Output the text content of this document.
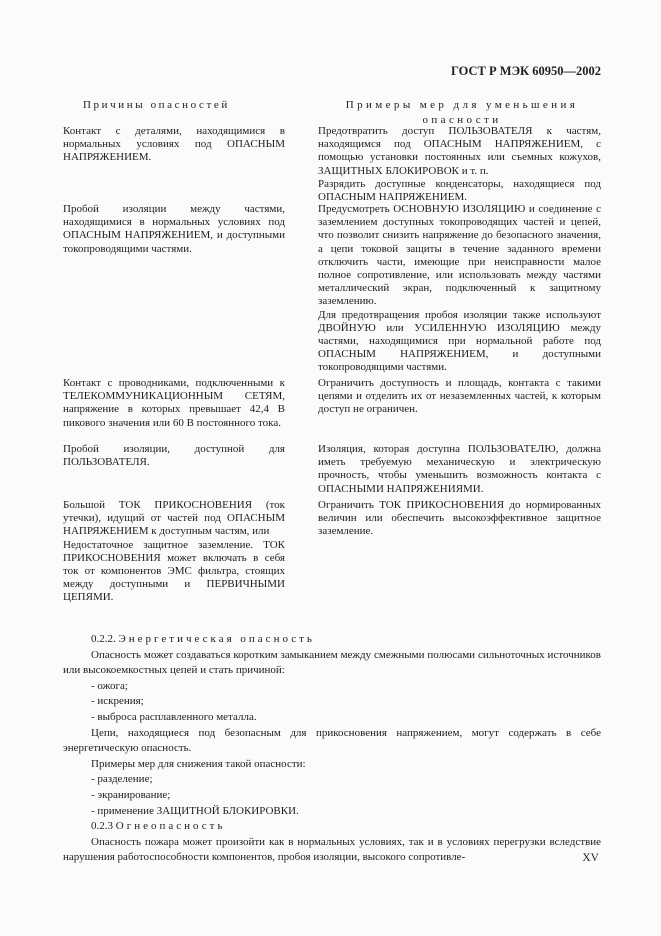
ГОСТ Р МЭК 60950—2002
Причины опасностей	Примеры мер для уменьшения опасности

Контакт с деталями, находящимися в нормальных условиях под ОПАСНЫМ НАПРЯЖЕНИЕМ.

Предотвратить доступ ПОЛЬЗОВАТЕЛЯ к частям, находящимся под ОПАСНЫМ НАПРЯЖЕНИЕМ, с помощью установки постоянных или съемных кожухов, ЗАЩИТНЫХ БЛОКИРОВОК и т. п.

Разрядить доступные конденсаторы, находящиеся под ОПАСНЫМ НАПРЯЖЕНИЕМ.

Пробой изоляции между частями, находящимися в нормальных условиях под ОПАСНЫМ НАПРЯЖЕНИЕМ, и доступными токопроводящими частями.

Предусмотреть ОСНОВНУЮ ИЗОЛЯЦИЮ и соединение с заземлением доступных токопроводящих частей и цепей, что позволит снизить напряжение до безопасного значения, а цепи токовой защиты в течение заданного времени отключить части, имеющие при неисправности малое полное сопротивление, или использовать между частями металлический экран, подключенный к защитному заземлению.

Для предотвращения пробоя изоляции также используют ДВОЙНУЮ или УСИЛЕННУЮ ИЗОЛЯЦИЮ между частями, находящимися при нормальной работе под ОПАСНЫМ НАПРЯЖЕНИЕМ, и доступными токопроводящими частями.

Контакт с проводниками, подключенными к ТЕЛЕКОММУНИКАЦИОННЫМ СЕТЯМ, напряжение в которых превышает 42,4 В пикового значения или 60 В постоянного тока.

Ограничить доступность и площадь, контакта с такими цепями и отделить их от незаземленных частей, к которым доступ не ограничен.

Пробой изоляции, доступной для ПОЛЬЗОВАТЕЛЯ.

Изоляция, которая доступна ПОЛЬЗОВАТЕЛЮ, должна иметь требуемую механическую и электрическую прочность, чтобы уменьшить возможность контакта с ОПАСНЫМИ НАПРЯЖЕНИЯМИ.

Большой ТОК ПРИКОСНОВЕНИЯ (ток утечки), идущий от частей под ОПАСНЫМ НАПРЯЖЕНИЕМ к доступным частям, или

Недостаточное защитное заземление. ТОК ПРИКОСНОВЕНИЯ может включать в себя ток от компонентов ЭМС фильтра, стоящих между доступными и ПЕРВИЧНЫМИ ЦЕПЯМИ.

Ограничить ТОК ПРИКОСНОВЕНИЯ до нормированных величин или обеспечить высокоэффективное защитное заземление.

0.2.2. Энергетическая опасность

Опасность может создаваться коротким замыканием между смежными полюсами сильноточных источников или высокоемкостных цепей и стать причиной:

- ожога;

- искрения;

- выброса расплавленного металла.

Цепи, находящиеся под безопасным для прикосновения напряжением, могут содержать в себе энергетическую опасность.

Примеры мер для снижения такой опасности:

- разделение;

- экранирование;

- применение ЗАЩИТНОЙ БЛОКИРОВКИ.

0.2.3 Огнеопасность

Опасность пожара может произойти как в нормальных условиях, так и в условиях перегрузки вследствие нарушения работоспособности компонентов, пробоя изоляции, высокого сопротивле-	XV
